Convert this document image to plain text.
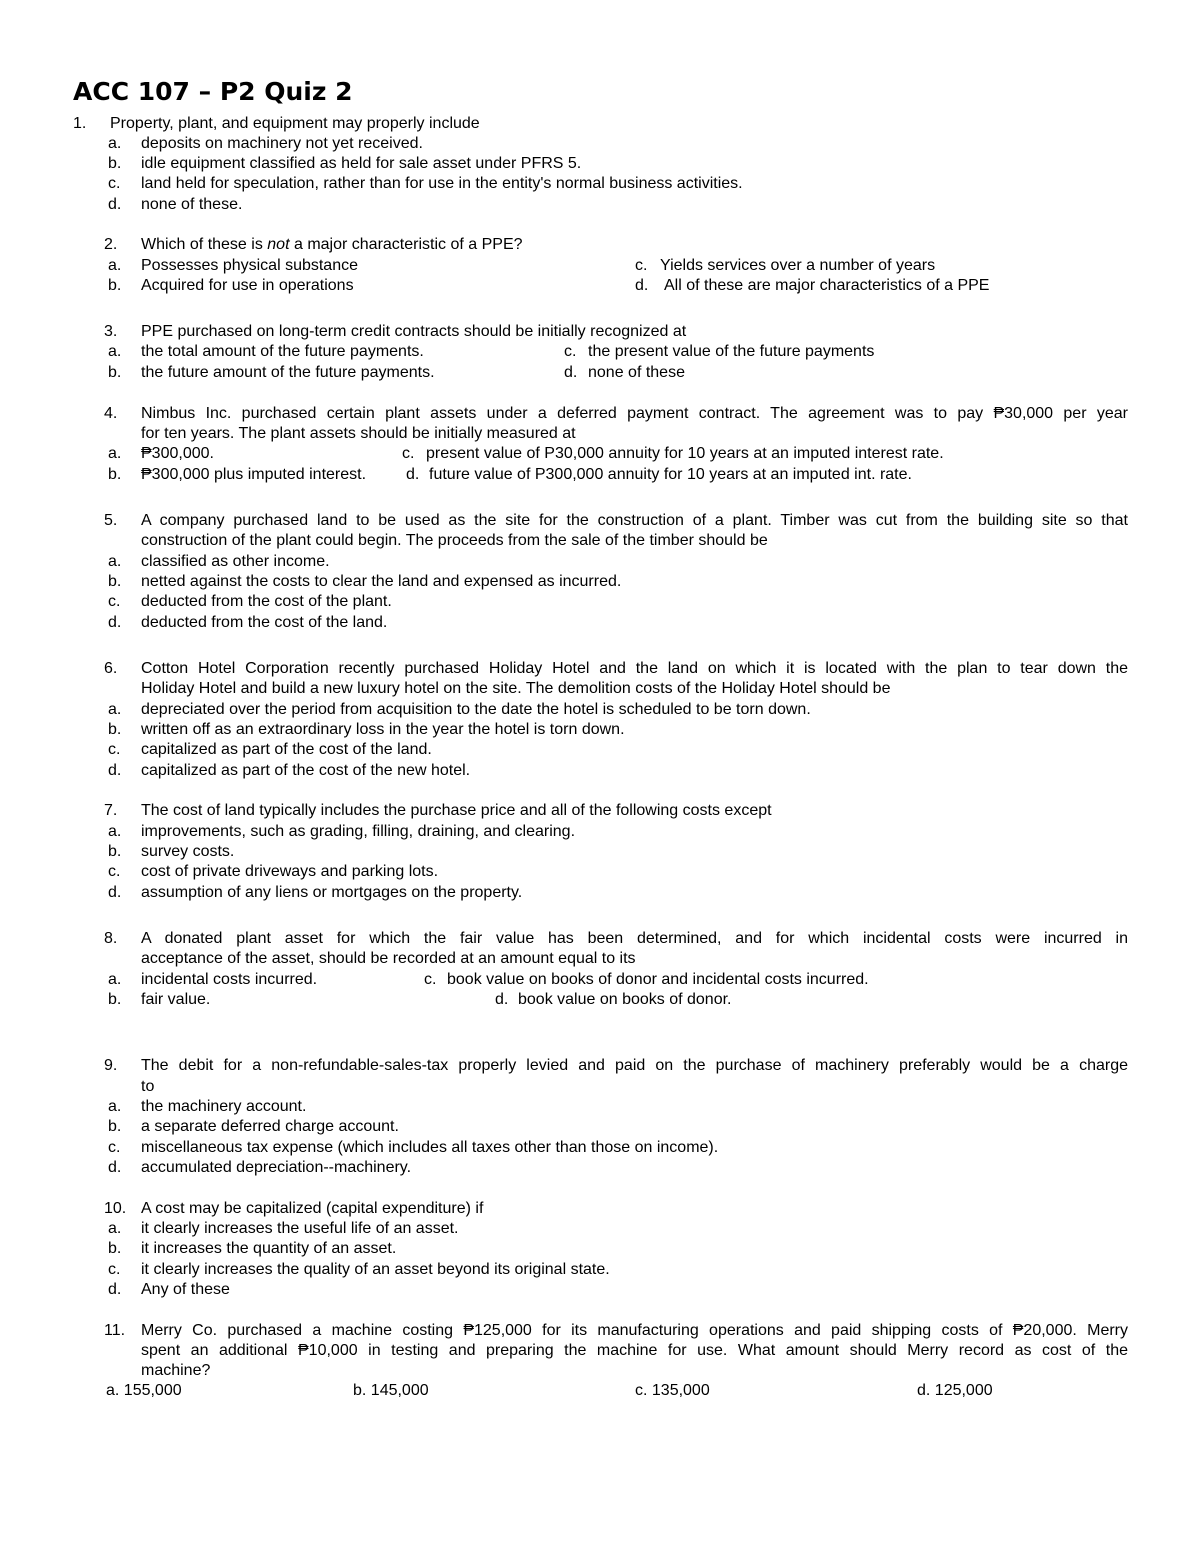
ACC 107 – P2 Quiz 2
1. Property, plant, and equipment may properly include
a. deposits on machinery not yet received.
b. idle equipment classified as held for sale asset under PFRS 5.
c. land held for speculation, rather than for use in the entity's normal business activities.
d. none of these.
2. Which of these is not a major characteristic of a PPE?
a. Possesses physical substance	c. Yields services over a number of years
b. Acquired for use in operations	d. All of these are major characteristics of a PPE
3. PPE purchased on long-term credit contracts should be initially recognized at
a. the total amount of the future payments.	c. the present value of the future payments
b. the future amount of the future payments.	d. none of these
4. Nimbus Inc. purchased certain plant assets under a deferred payment contract. The agreement was to pay ₱30,000 per year
for ten years. The plant assets should be initially measured at
a. ₱300,000.	c. present value of P30,000 annuity for 10 years at an imputed interest rate.
b. ₱300,000 plus imputed interest. d. future value of P300,000 annuity for 10 years at an imputed int. rate.
5. A company purchased land to be used as the site for the construction of a plant. Timber was cut from the building site so that
construction of the plant could begin. The proceeds from the sale of the timber should be
a. classified as other income.
b. netted against the costs to clear the land and expensed as incurred.
c. deducted from the cost of the plant.
d. deducted from the cost of the land.
6. Cotton Hotel Corporation recently purchased Holiday Hotel and the land on which it is located with the plan to tear down the
Holiday Hotel and build a new luxury hotel on the site. The demolition costs of the Holiday Hotel should be
a. depreciated over the period from acquisition to the date the hotel is scheduled to be torn down.
b. written off as an extraordinary loss in the year the hotel is torn down.
c. capitalized as part of the cost of the land.
d. capitalized as part of the cost of the new hotel.
7. The cost of land typically includes the purchase price and all of the following costs except
a. improvements, such as grading, filling, draining, and clearing.
b. survey costs.
c. cost of private driveways and parking lots.
d. assumption of any liens or mortgages on the property.
8. A donated plant asset for which the fair value has been determined, and for which incidental costs were incurred in
acceptance of the asset, should be recorded at an amount equal to its
a. incidental costs incurred.	c. book value on books of donor and incidental costs incurred.
b. fair value.	d. book value on books of donor.
9. The debit for a non-refundable-sales-tax properly levied and paid on the purchase of machinery preferably would be a charge
to
a. the machinery account.
b. a separate deferred charge account.
c. miscellaneous tax expense (which includes all taxes other than those on income).
d. accumulated depreciation--machinery.
10. A cost may be capitalized (capital expenditure) if
a. it clearly increases the useful life of an asset.
b. it increases the quantity of an asset.
c. it clearly increases the quality of an asset beyond its original state.
d. Any of these
11. Merry Co. purchased a machine costing ₱125,000 for its manufacturing operations and paid shipping costs of ₱20,000. Merry
spent an additional ₱10,000 in testing and preparing the machine for use. What amount should Merry record as cost of the
machine?
a. 155,000	b. 145,000	c. 135,000	d. 125,000
